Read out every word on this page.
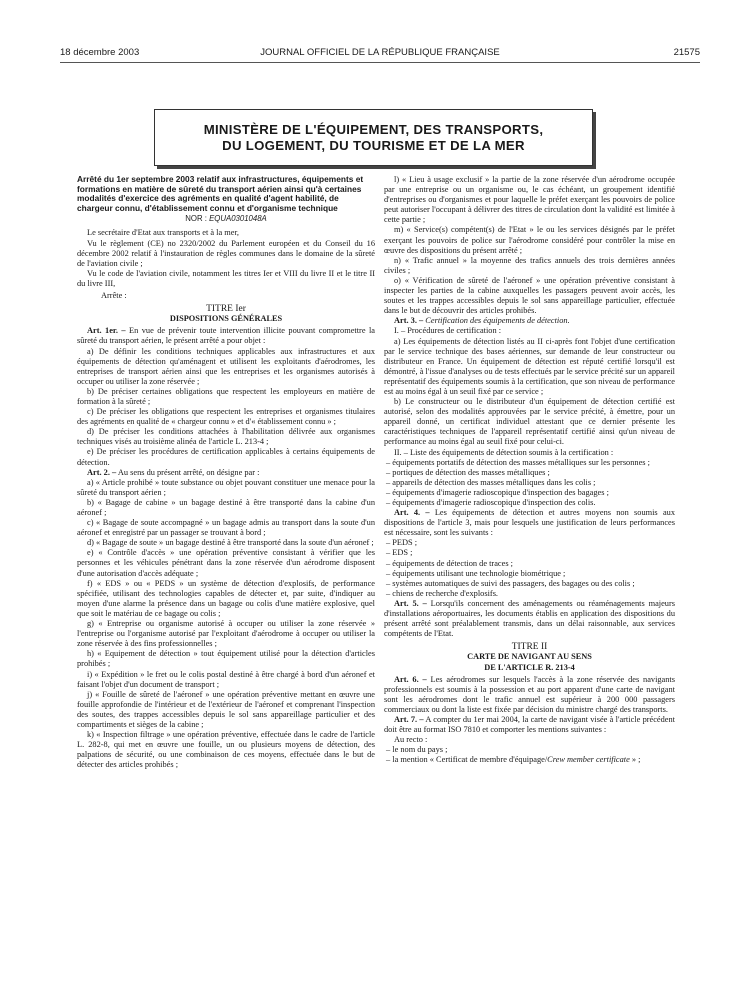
18 décembre 2003	JOURNAL OFFICIEL DE LA RÉPUBLIQUE FRANÇAISE	21575
MINISTÈRE DE L'ÉQUIPEMENT, DES TRANSPORTS,
DU LOGEMENT, DU TOURISME ET DE LA MER

Arrêté du 1er septembre 2003 relatif aux infrastructures, équipements et formations en matière de sûreté du transport aérien ainsi qu'à certaines modalités d'exercice des agréments en qualité d'agent habilité, de chargeur connu, d'établissement connu et d'organisme technique

NOR : EQUA0301048A

Le secrétaire d'Etat aux transports et à la mer,

Vu le règlement (CE) no 2320/2002 du Parlement européen et du Conseil du 16 décembre 2002 relatif à l'instauration de règles communes dans le domaine de la sûreté de l'aviation civile ;

Vu le code de l'aviation civile, notamment les titres Ier et VIII du livre II et le titre II du livre III,

Arrête :

TITRE Ier

DISPOSITIONS GÉNÉRALES

Art. 1er. – En vue de prévenir toute intervention illicite pouvant compromettre la sûreté du transport aérien, le présent arrêté a pour objet :

a) De définir les conditions techniques applicables aux infrastructures et aux équipements de détection qu'aménagent et utilisent les exploitants d'aérodromes, les entreprises de transport aérien ainsi que les entreprises et les organismes autorisés à occuper ou utiliser la zone réservée ;

b) De préciser certaines obligations que respectent les employeurs en matière de formation à la sûreté ;

c) De préciser les obligations que respectent les entreprises et organismes titulaires des agréments en qualité de « chargeur connu » et d'« établissement connu » ;

d) De préciser les conditions attachées à l'habilitation délivrée aux organismes techniques visés au troisième alinéa de l'article L. 213-4 ;

e) De préciser les procédures de certification applicables à certains équipements de détection.

Art. 2. – Au sens du présent arrêté, on désigne par :

a) « Article prohibé » toute substance ou objet pouvant constituer une menace pour la sûreté du transport aérien ;

b) « Bagage de cabine » un bagage destiné à être transporté dans la cabine d'un aéronef ;

c) « Bagage de soute accompagné » un bagage admis au transport dans la soute d'un aéronef et enregistré par un passager se trouvant à bord ;

d) « Bagage de soute » un bagage destiné à être transporté dans la soute d'un aéronef ;

e) « Contrôle d'accès » une opération préventive consistant à vérifier que les personnes et les véhicules pénétrant dans la zone réservée d'un aérodrome disposent d'une autorisation d'accès adéquate ;

f) « EDS » ou « PEDS » un système de détection d'explosifs, de performance spécifiée, utilisant des technologies capables de détecter et, par suite, d'indiquer au moyen d'une alarme la présence dans un bagage ou colis d'une matière explosive, quel que soit le matériau de ce bagage ou colis ;

g) « Entreprise ou organisme autorisé à occuper ou utiliser la zone réservée » l'entreprise ou l'organisme autorisé par l'exploitant d'aérodrome à occuper ou utiliser la zone réservée à des fins professionnelles ;

h) « Equipement de détection » tout équipement utilisé pour la détection d'articles prohibés ;

i) « Expédition » le fret ou le colis postal destiné à être chargé à bord d'un aéronef et faisant l'objet d'un document de transport ;

j) « Fouille de sûreté de l'aéronef » une opération préventive mettant en œuvre une fouille approfondie de l'intérieur et de l'extérieur de l'aéronef et comprenant l'inspection des soutes, des trappes accessibles depuis le sol sans appareillage particulier et des compartiments et sièges de la cabine ;

k) « Inspection filtrage » une opération préventive, effectuée dans le cadre de l'article L. 282-8, qui met en œuvre une fouille, un ou plusieurs moyens de détection, des palpations de sécurité, ou une combinaison de ces moyens, effectuée dans le but de détecter des articles prohibés ;

l) « Lieu à usage exclusif » la partie de la zone réservée d'un aérodrome occupée par une entreprise ou un organisme ou, le cas échéant, un groupement identifié d'entreprises ou d'organismes et pour laquelle le préfet exerçant les pouvoirs de police peut autoriser l'occupant à délivrer des titres de circulation dont la validité est limitée à cette partie ;

m) « Service(s) compétent(s) de l'Etat » le ou les services désignés par le préfet exerçant les pouvoirs de police sur l'aérodrome considéré pour contrôler la mise en œuvre des dispositions du présent arrêté ;

n) « Trafic annuel » la moyenne des trafics annuels des trois dernières années civiles ;

o) « Vérification de sûreté de l'aéronef » une opération préventive consistant à inspecter les parties de la cabine auxquelles les passagers peuvent avoir accès, les soutes et les trappes accessibles depuis le sol sans appareillage particulier, effectuée dans le but de découvrir des articles prohibés.

Art. 3. – Certification des équipements de détection.

I. – Procédures de certification :

a) Les équipements de détection listés au II ci-après font l'objet d'une certification par le service technique des bases aériennes, sur demande de leur constructeur ou distributeur en France. Un équipement de détection est réputé certifié lorsqu'il est démontré, à l'issue d'analyses ou de tests effectués par le service précité sur un appareil représentatif des équipements soumis à la certification, que son niveau de performance est au moins égal à un seuil fixé par ce service ;

b) Le constructeur ou le distributeur d'un équipement de détection certifié est autorisé, selon des modalités approuvées par le service précité, à émettre, pour un appareil donné, un certificat individuel attestant que ce dernier présente les caractéristiques techniques de l'appareil représentatif certifié ainsi qu'un niveau de performance au moins égal au seuil fixé pour celui-ci.

II. – Liste des équipements de détection soumis à la certification :

– équipements portatifs de détection des masses métalliques sur les personnes ;

– portiques de détection des masses métalliques ;

– appareils de détection des masses métalliques dans les colis ;

– équipements d'imagerie radioscopique d'inspection des bagages ;

– équipements d'imagerie radioscopique d'inspection des colis.

Art. 4. – Les équipements de détection et autres moyens non soumis aux dispositions de l'article 3, mais pour lesquels une justification de leurs performances est nécessaire, sont les suivants :

– PEDS ;

– EDS ;

– équipements de détection de traces ;

– équipements utilisant une technologie biométrique ;

– systèmes automatiques de suivi des passagers, des bagages ou des colis ;

– chiens de recherche d'explosifs.

Art. 5. – Lorsqu'ils concernent des aménagements ou réaménagements majeurs d'installations aéroportuaires, les documents établis en application des dispositions du présent arrêté sont préalablement transmis, dans un délai raisonnable, aux services compétents de l'Etat.

TITRE II

CARTE DE NAVIGANT AU SENS

DE L'ARTICLE R. 213-4

Art. 6. – Les aérodromes sur lesquels l'accès à la zone réservée des navigants professionnels est soumis à la possession et au port apparent d'une carte de navigant sont les aérodromes dont le trafic annuel est supérieur à 200 000 passagers commerciaux ou dont la liste est fixée par décision du ministre chargé des transports.

Art. 7. – A compter du 1er mai 2004, la carte de navigant visée à l'article précédent doit être au format ISO 7810 et comporter les mentions suivantes :

Au recto :

– le nom du pays ;

– la mention « Certificat de membre d'équipage/Crew member certificate » ;
